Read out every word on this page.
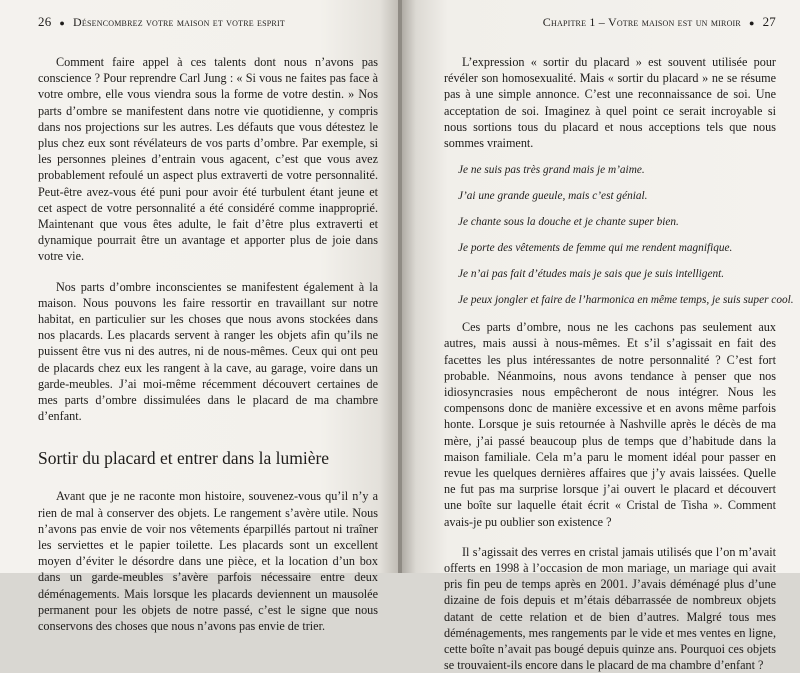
26 ● Désencombrez votre maison et votre esprit

Comment faire appel à ces talents dont nous n’avons pas conscience ? Pour reprendre Carl Jung : « Si vous ne faites pas face à votre ombre, elle vous viendra sous la forme de votre destin. » Nos parts d’ombre se manifestent dans notre vie quotidienne, y compris dans nos projections sur les autres. Les défauts que vous détestez le plus chez eux sont révélateurs de vos parts d’ombre. Par exemple, si les personnes pleines d’entrain vous agacent, c’est que vous avez probablement refoulé un aspect plus extraverti de votre personnalité. Peut-être avez-vous été puni pour avoir été turbulent étant jeune et cet aspect de votre personnalité a été considéré comme inapproprié. Maintenant que vous êtes adulte, le fait d’être plus extraverti et dynamique pourrait être un avantage et apporter plus de joie dans votre vie.

Nos parts d’ombre inconscientes se manifestent également à la maison. Nous pouvons les faire ressortir en travaillant sur notre habitat, en particulier sur les choses que nous avons stockées dans nos placards. Les placards servent à ranger les objets afin qu’ils ne puissent être vus ni des autres, ni de nous-mêmes. Ceux qui ont peu de placards chez eux les rangent à la cave, au garage, voire dans un garde-meubles. J’ai moi-même récemment découvert certaines de mes parts d’ombre dissimulées dans le placard de ma chambre d’enfant.

Sortir du placard et entrer dans la lumière

Avant que je ne raconte mon histoire, souvenez-vous qu’il n’y a rien de mal à conserver des objets. Le rangement s’avère utile. Nous n’avons pas envie de voir nos vêtements éparpillés partout ni traîner les serviettes et le papier toilette. Les placards sont un excellent moyen d’éviter le désordre dans une pièce, et la location d’un box dans un garde-meubles s’avère parfois nécessaire entre deux déménagements. Mais lorsque les placards deviennent un mausolée permanent pour les objets de notre passé, c’est le signe que nous conservons des choses que nous n’avons pas envie de trier.

Chapitre 1 – Votre maison est un miroir ● 27

L’expression « sortir du placard » est souvent utilisée pour révéler son homosexualité. Mais « sortir du placard » ne se résume pas à une simple annonce. C’est une reconnaissance de soi. Une acceptation de soi. Imaginez à quel point ce serait incroyable si nous sortions tous du placard et nous acceptions tels que nous sommes vraiment.

Je ne suis pas très grand mais je m’aime.
J’ai une grande gueule, mais c’est génial.
Je chante sous la douche et je chante super bien.
Je porte des vêtements de femme qui me rendent magnifique.
Je n’ai pas fait d’études mais je sais que je suis intelligent.
Je peux jongler et faire de l’harmonica en même temps, je suis super cool.

Ces parts d’ombre, nous ne les cachons pas seulement aux autres, mais aussi à nous-mêmes. Et s’il s’agissait en fait des facettes les plus intéressantes de notre personnalité ? C’est fort probable. Néanmoins, nous avons tendance à penser que nos idiosyncrasies nous empêcheront de nous intégrer. Nous les compensons donc de manière excessive et en avons même parfois honte. Lorsque je suis retournée à Nashville après le décès de ma mère, j’ai passé beaucoup plus de temps que d’habitude dans la maison familiale. Cela m’a paru le moment idéal pour passer en revue les quelques dernières affaires que j’y avais laissées. Quelle ne fut pas ma surprise lorsque j’ai ouvert le placard et découvert une boîte sur laquelle était écrit « Cristal de Tisha ». Comment avais-je pu oublier son existence ?

Il s’agissait des verres en cristal jamais utilisés que l’on m’avait offerts en 1998 à l’occasion de mon mariage, un mariage qui avait pris fin peu de temps après en 2001. J’avais déménagé plus d’une dizaine de fois depuis et m’étais débarrassée de nombreux objets datant de cette relation et de bien d’autres. Malgré tous mes déménagements, mes rangements par le vide et mes ventes en ligne, cette boîte n’avait pas bougé depuis quinze ans. Pourquoi ces objets se trouvaient-ils encore dans le placard de ma chambre d’enfant ?
